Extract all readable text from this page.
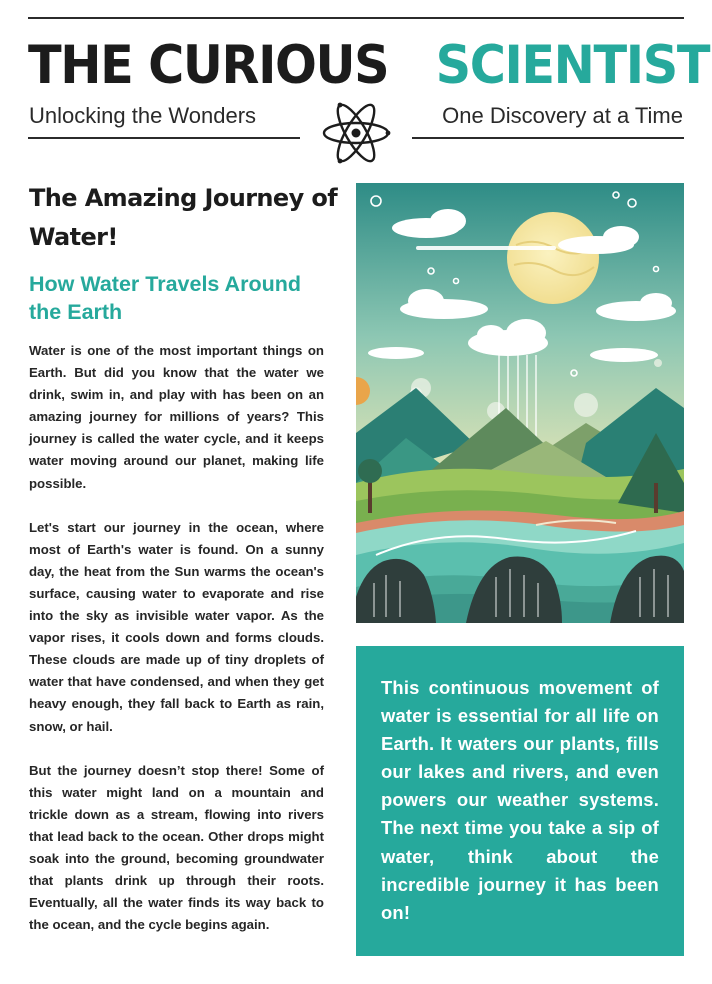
THE CURIOUS SCIENTIST
Unlocking the Wonders	One Discovery at a Time
The Amazing Journey of Water!
How Water Travels Around the Earth

Water is one of the most important things on Earth. But did you know that the water we drink, swim in, and play with has been on an amazing journey for millions of years? This journey is called the water cycle, and it keeps water moving around our planet, making life possible.

Let's start our journey in the ocean, where most of Earth's water is found. On a sunny day, the heat from the Sun warms the ocean's surface, causing water to evaporate and rise into the sky as invisible water vapor. As the vapor rises, it cools down and forms clouds. These clouds are made up of tiny droplets of water that have condensed, and when they get heavy enough, they fall back to Earth as rain, snow, or hail.

But the journey doesn’t stop there! Some of this water might land on a mountain and trickle down as a stream, flowing into rivers that lead back to the ocean. Other drops might soak into the ground, becoming groundwater that plants drink up through their roots. Eventually, all the water finds its way back to the ocean, and the cycle begins again.

This continuous movement of water is essential for all life on Earth. It waters our plants, fills our lakes and rivers, and even powers our weather systems. The next time you take a sip of water, think about the incredible journey it has been on!
